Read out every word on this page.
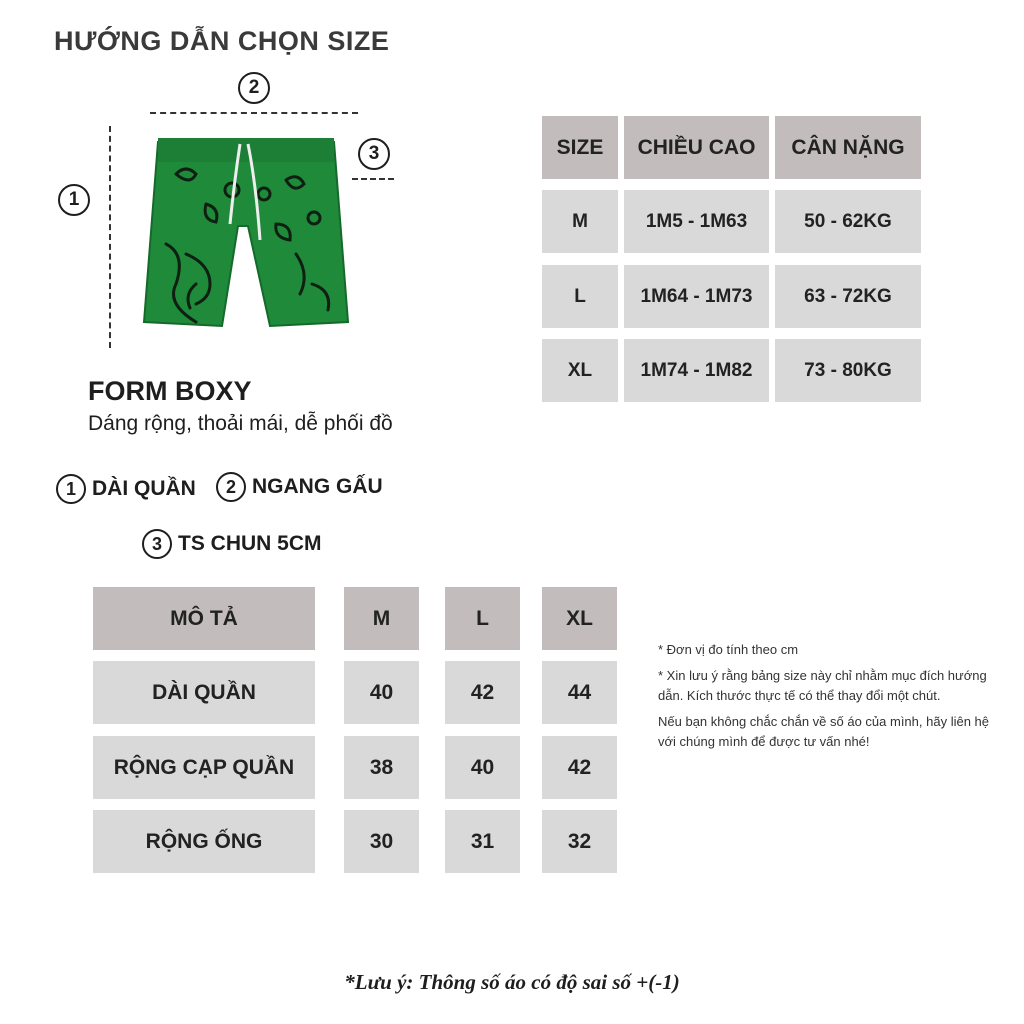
HƯỚNG DẪN CHỌN SIZE
2
1
3
FORM BOXY
Dáng rộng, thoải mái, dễ phối đồ
1 DÀI QUẦN	2 NGANG GẤU
3 TS CHUN 5CM
SIZE	CHIỀU CAO	CÂN NẶNG
M	1M5 - 1M63	50 - 62KG
L	1M64 - 1M73	63 - 72KG
XL	1M74 - 1M82	73 - 80KG
MÔ TẢ	M	L	XL
DÀI QUẦN	40	42	44
RỘNG CẠP QUẦN	38	40	42
RỘNG ỐNG	30	31	32

* Đơn vị đo tính theo cm

* Xin lưu ý rằng bảng size này chỉ nhằm mục đích hướng dẫn. Kích thước thực tế có thể thay đổi một chút.

Nếu bạn không chắc chắn về số áo của mình, hãy liên hệ với chúng mình để được tư vấn nhé!

*Lưu ý: Thông số áo có độ sai số +(-1)
